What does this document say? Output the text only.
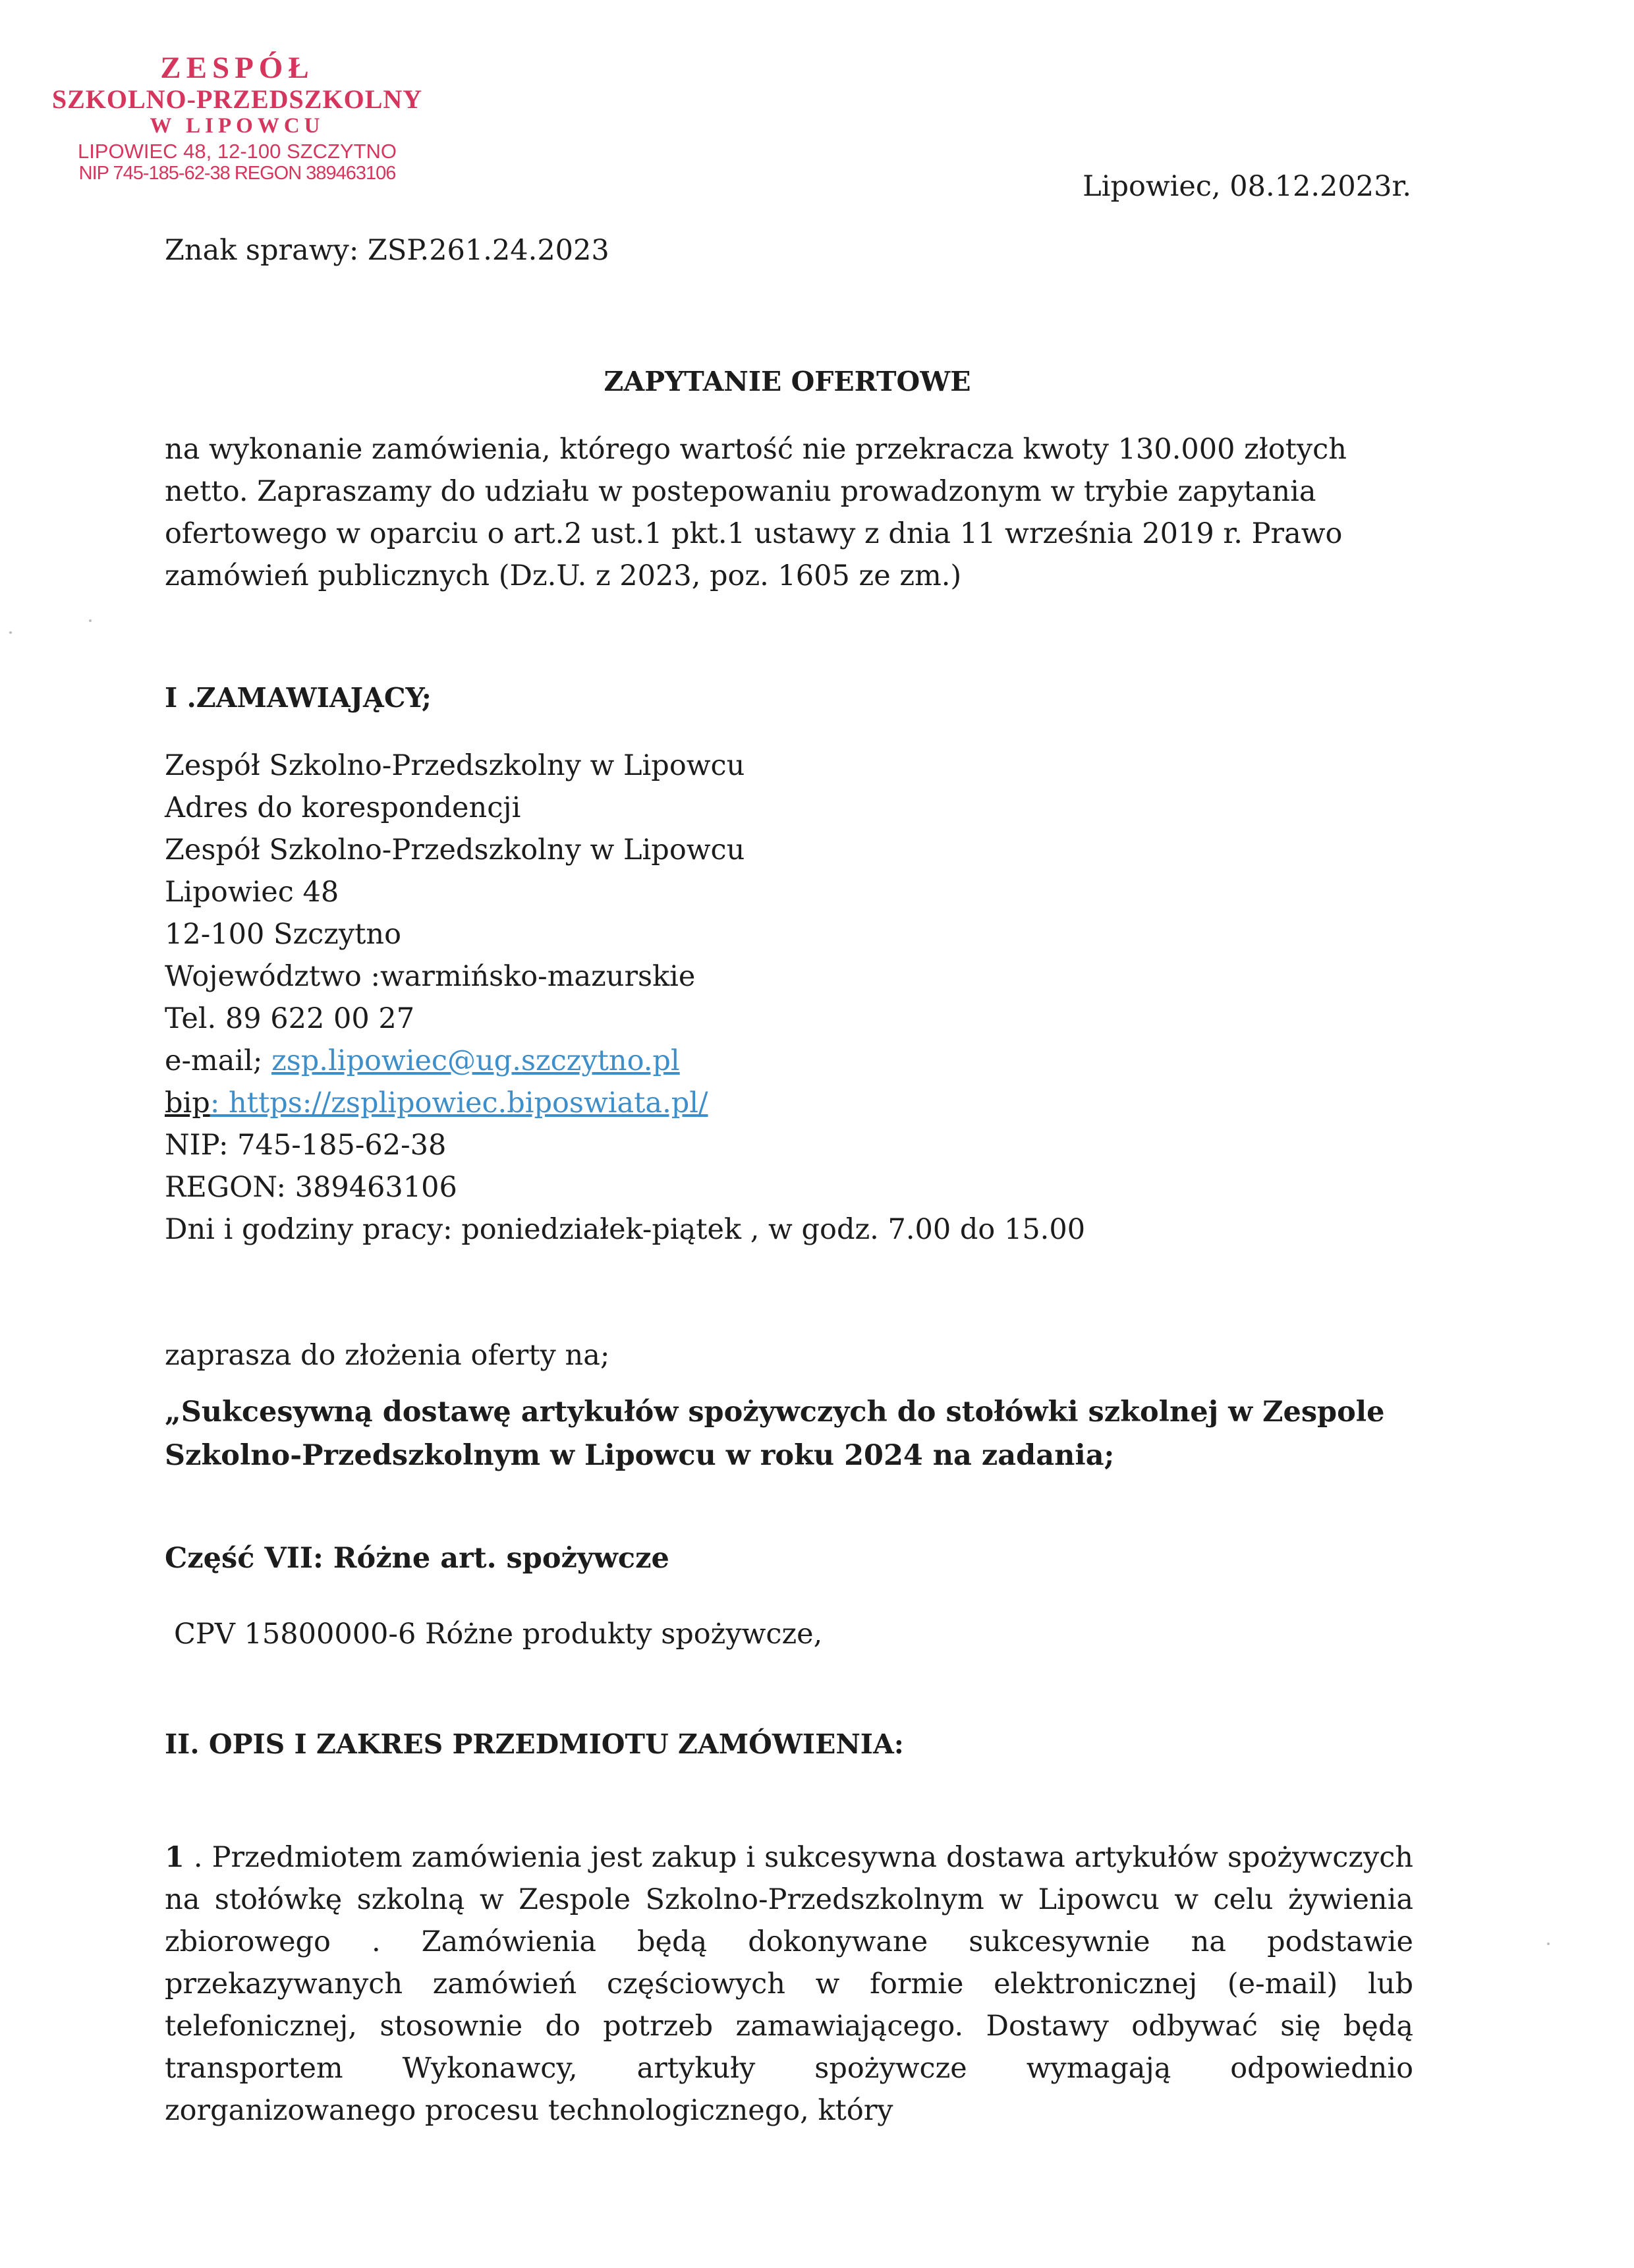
ZESPÓŁ
SZKOLNO-PRZEDSZKOLNY
W LIPOWCU
LIPOWIEC 48, 12-100 SZCZYTNO
NIP 745-185-62-38 REGON 389463106	Lipowiec, 08.12.2023r.
Znak sprawy: ZSP.261.24.2023
ZAPYTANIE OFERTOWE
na wykonanie zamówienia, którego wartość nie przekracza kwoty 130.000 złotych netto. Zapraszamy do udziału w postepowaniu prowadzonym w trybie zapytania ofertowego w oparciu o art.2 ust.1 pkt.1 ustawy z dnia 11 września 2019 r. Prawo zamówień publicznych (Dz.U. z 2023, poz. 1605 ze zm.)
I .ZAMAWIAJĄCY;
Zespół Szkolno-Przedszkolny w Lipowcu
Adres do korespondencji
Zespół Szkolno-Przedszkolny w Lipowcu
Lipowiec 48
12-100 Szczytno
Województwo :warmińsko-mazurskie
Tel. 89 622 00 27
e-mail; zsp.lipowiec@ug.szczytno.pl
bip: https://zsplipowiec.biposwiata.pl/
NIP: 745-185-62-38
REGON: 389463106
Dni i godziny pracy: poniedziałek-piątek , w godz. 7.00 do 15.00
zaprasza do złożenia oferty na;
„Sukcesywną dostawę artykułów spożywczych do stołówki szkolnej w Zespole Szkolno-Przedszkolnym w Lipowcu w roku 2024 na zadania;
Część VII: Różne art. spożywcze
CPV 15800000-6 Różne produkty spożywcze,
II. OPIS I ZAKRES PRZEDMIOTU ZAMÓWIENIA:
1 . Przedmiotem zamówienia jest zakup i sukcesywna dostawa artykułów spożywczych na stołówkę szkolną w Zespole Szkolno-Przedszkolnym w Lipowcu w celu żywienia zbiorowego . Zamówienia będą dokonywane sukcesywnie na podstawie przekazywanych zamówień częściowych w formie elektronicznej (e-mail) lub telefonicznej, stosownie do potrzeb zamawiającego. Dostawy odbywać się będą transportem Wykonawcy, artykuły spożywcze wymagają odpowiednio zorganizowanego procesu technologicznego, który
